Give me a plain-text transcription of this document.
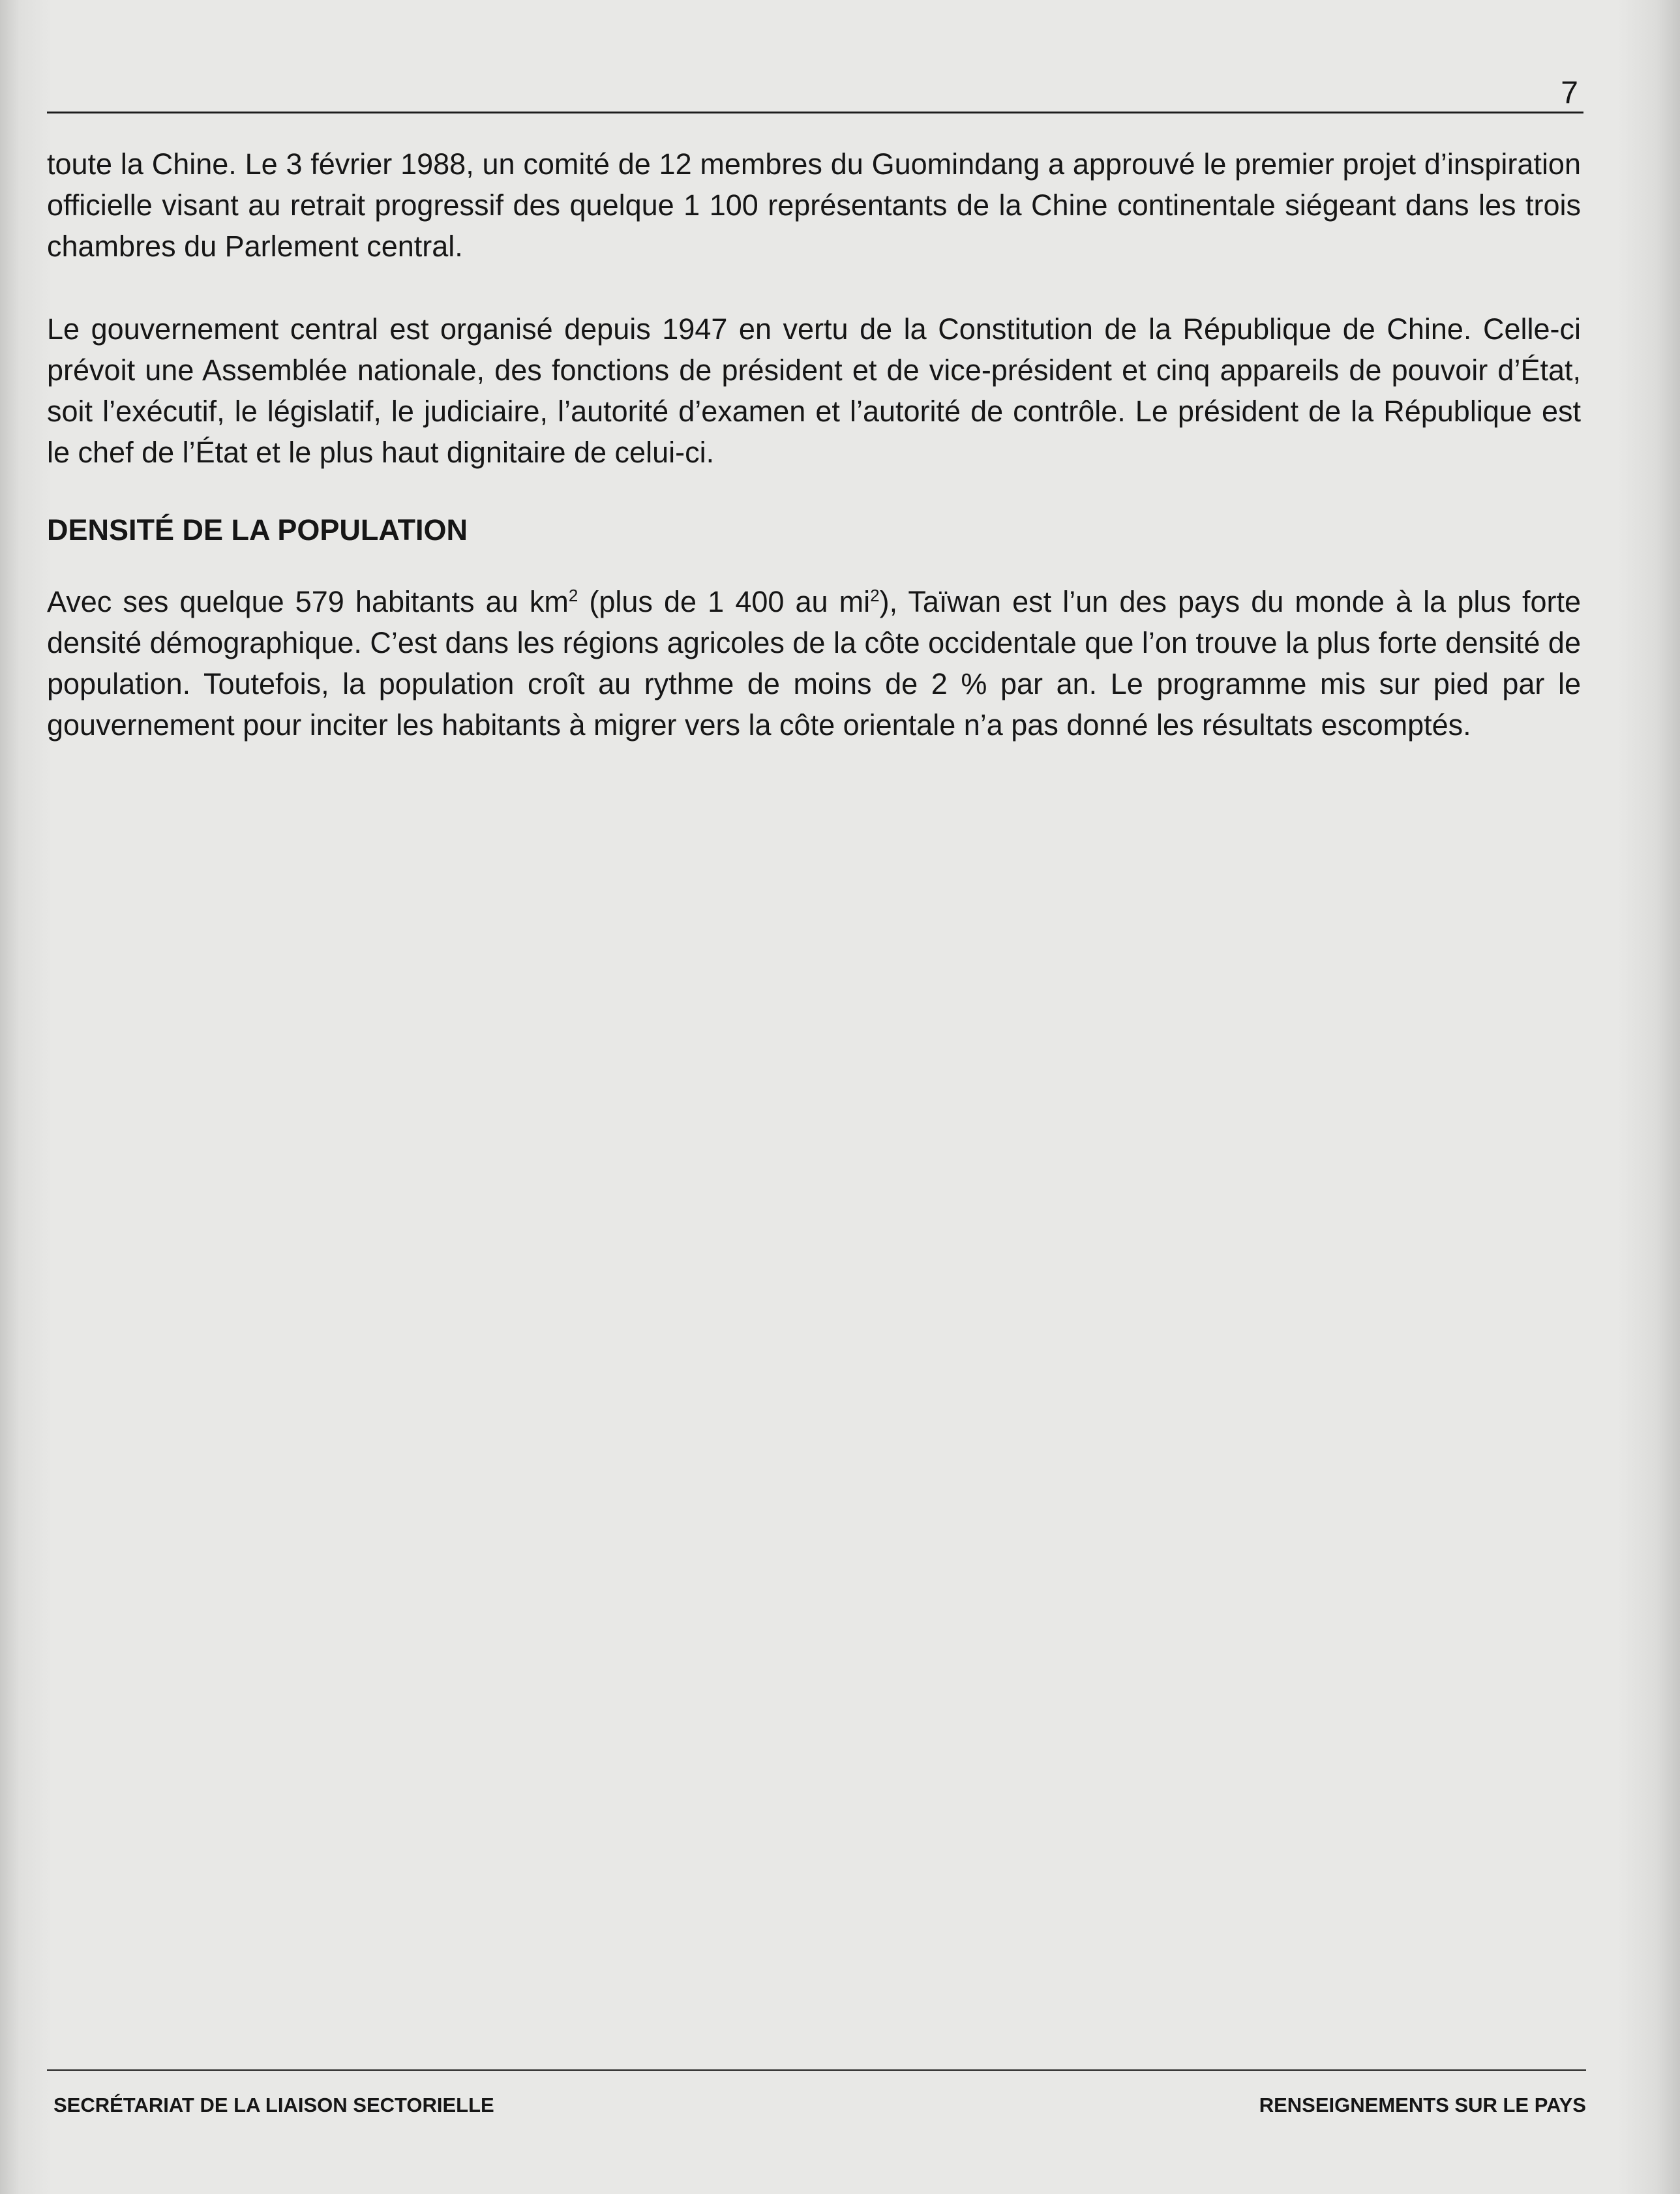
7

toute la Chine. Le 3 février 1988, un comité de 12 membres du Guomindang a approuvé le premier projet d’inspiration officielle visant au retrait progressif des quelque 1 100 représentants de la Chine continentale siégeant dans les trois chambres du Parlement central.

Le gouvernement central est organisé depuis 1947 en vertu de la Constitution de la République de Chine. Celle-ci prévoit une Assemblée nationale, des fonctions de président et de vice-président et cinq appareils de pouvoir d’État, soit l’exécutif, le législatif, le judiciaire, l’autorité d’examen et l’autorité de contrôle. Le président de la République est le chef de l’État et le plus haut dignitaire de celui-ci.

DENSITÉ DE LA POPULATION

Avec ses quelque 579 habitants au $km^2$ (plus de 1 400 au $mi^2$), Taïwan est l’un des pays du monde à la plus forte densité démographique. C’est dans les régions agricoles de la côte occidentale que l’on trouve la plus forte densité de population. Toutefois, la population croît au rythme de moins de 2 % par an. Le programme mis sur pied par le gouvernement pour inciter les habitants à migrer vers la côte orientale n’a pas donné les résultats escomptés.

SECRÉTARIAT DE LA LIAISON SECTORIELLE	RENSEIGNEMENTS SUR LE PAYS
